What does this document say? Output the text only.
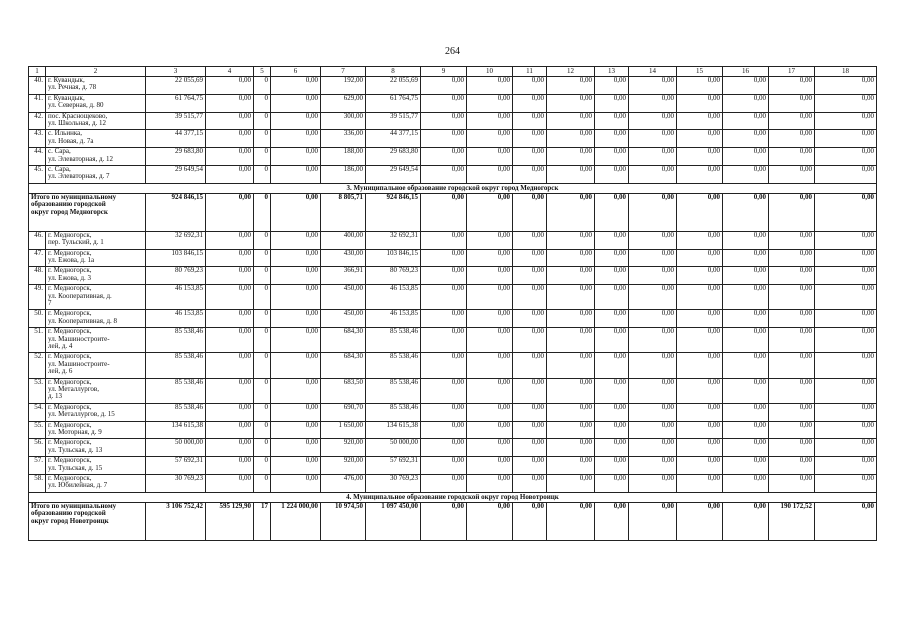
264
1	2	3	4	5	6	7	8	9	10	11	12	13	14	15	16	17	18
40.	г. Кувандык,
ул. Речная, д. 78	22 055,69	0,00	0	0,00	192,00	22 055,69	0,00	0,00	0,00	0,00	0,00	0,00	0,00	0,00	0,00	0,00
41.	г. Кувандык,
ул. Северная, д. 80	61 764,75	0,00	0	0,00	629,00	61 764,75	0,00	0,00	0,00	0,00	0,00	0,00	0,00	0,00	0,00	0,00
42.	пос. Краснощеково,
ул. Школьная, д. 12	39 515,77	0,00	0	0,00	300,00	39 515,77	0,00	0,00	0,00	0,00	0,00	0,00	0,00	0,00	0,00	0,00
43.	с. Ильинка,
ул. Новая, д. 7а	44 377,15	0,00	0	0,00	336,00	44 377,15	0,00	0,00	0,00	0,00	0,00	0,00	0,00	0,00	0,00	0,00
44.	с. Сара,
ул. Элеваторная, д. 12	29 683,80	0,00	0	0,00	188,00	29 683,80	0,00	0,00	0,00	0,00	0,00	0,00	0,00	0,00	0,00	0,00
45.	с. Сара,
ул. Элеваторная, д. 7	29 649,54	0,00	0	0,00	186,00	29 649,54	0,00	0,00	0,00	0,00	0,00	0,00	0,00	0,00	0,00	0,00
3. Муниципальное образование городской округ город Медногорск																	

Итого по муниципальному
образованию городской
округ город Медногорск		924 846,15	0,00	0	0,00	8 805,71	924 846,15	0,00	0,00	0,00	0,00	0,00	0,00	0,00	0,00	0,00	0,00
46.	г. Медногорск,
пер. Тульский, д. 1	32 692,31	0,00	0	0,00	400,00	32 692,31	0,00	0,00	0,00	0,00	0,00	0,00	0,00	0,00	0,00	0,00
47.	г. Медногорск,
ул. Ежова, д. 1а	103 846,15	0,00	0	0,00	430,00	103 846,15	0,00	0,00	0,00	0,00	0,00	0,00	0,00	0,00	0,00	0,00
48.	г. Медногорск,
ул. Ежова, д. 3	80 769,23	0,00	0	0,00	366,91	80 769,23	0,00	0,00	0,00	0,00	0,00	0,00	0,00	0,00	0,00	0,00
49.	г. Медногорск,
ул. Кооперативная, д.
7	46 153,85	0,00	0	0,00	450,00	46 153,85	0,00	0,00	0,00	0,00	0,00	0,00	0,00	0,00	0,00	0,00
50.	г. Медногорск,
ул. Кооперативная, д. 8	46 153,85	0,00	0	0,00	450,00	46 153,85	0,00	0,00	0,00	0,00	0,00	0,00	0,00	0,00	0,00	0,00
51.	г. Медногорск,
ул. Машиностроите-
лей, д. 4	85 538,46	0,00	0	0,00	684,30	85 538,46	0,00	0,00	0,00	0,00	0,00	0,00	0,00	0,00	0,00	0,00
52.	г. Медногорск,
ул. Машиностроите-
лей, д. 6	85 538,46	0,00	0	0,00	684,30	85 538,46	0,00	0,00	0,00	0,00	0,00	0,00	0,00	0,00	0,00	0,00
53.	г. Медногорск,
ул. Металлургов,
д. 13	85 538,46	0,00	0	0,00	683,50	85 538,46	0,00	0,00	0,00	0,00	0,00	0,00	0,00	0,00	0,00	0,00
54.	г. Медногорск,
ул. Металлургов, д. 15	85 538,46	0,00	0	0,00	690,70	85 538,46	0,00	0,00	0,00	0,00	0,00	0,00	0,00	0,00	0,00	0,00
55.	г. Медногорск,
ул. Моторная, д. 9	134 615,38	0,00	0	0,00	1 650,00	134 615,38	0,00	0,00	0,00	0,00	0,00	0,00	0,00	0,00	0,00	0,00
56.	г. Медногорск,
ул. Тульская, д. 13	50 000,00	0,00	0	0,00	920,00	50 000,00	0,00	0,00	0,00	0,00	0,00	0,00	0,00	0,00	0,00	0,00
57.	г. Медногорск,
ул. Тульская, д. 15	57 692,31	0,00	0	0,00	920,00	57 692,31	0,00	0,00	0,00	0,00	0,00	0,00	0,00	0,00	0,00	0,00
58.	г. Медногорск,
ул. Юбилейная, д. 7	30 769,23	0,00	0	0,00	476,00	30 769,23	0,00	0,00	0,00	0,00	0,00	0,00	0,00	0,00	0,00	0,00
4. Муниципальное образование городской округ город Новотроицк																	

Итого по муниципальному
образованию городской
округ город Новотроицк		3 106 752,42	595 129,90	17	1 224 000,00	10 974,50	1 097 450,00	0,00	0,00	0,00	0,00	0,00	0,00	0,00	0,00	190 172,52	0,00
